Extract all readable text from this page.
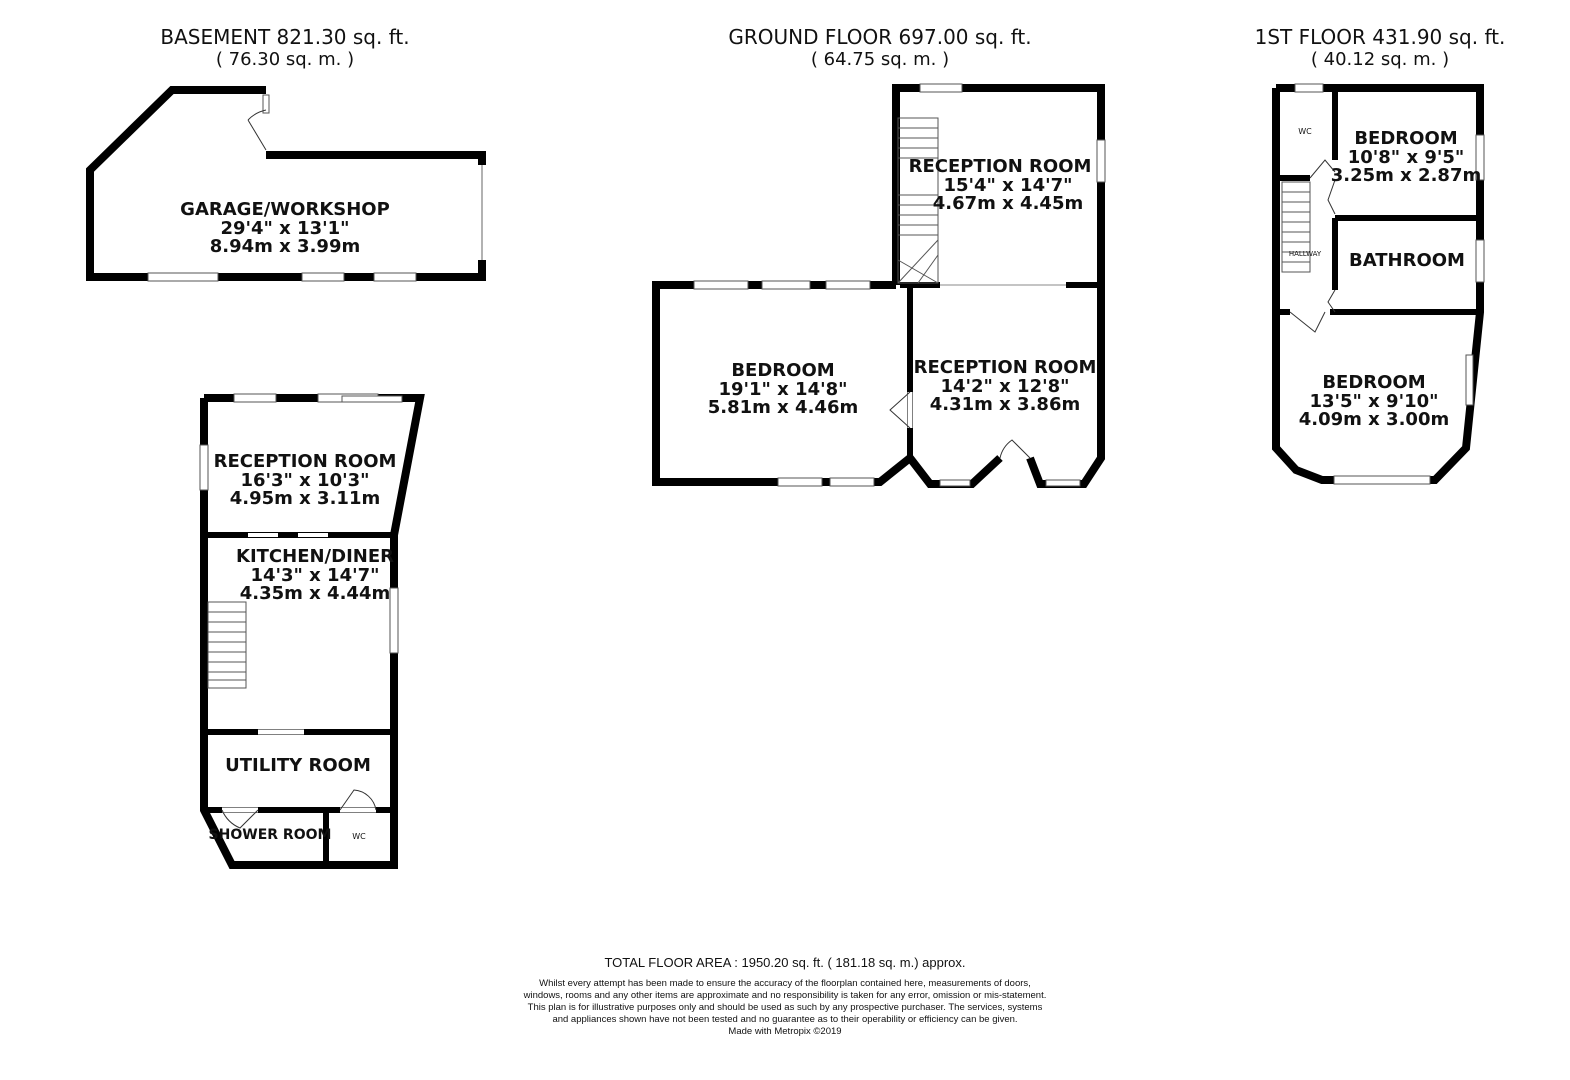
BASEMENT 821.30 sq. ft.
( 76.30 sq. m. )
GROUND FLOOR 697.00 sq. ft.
( 64.75 sq. m. )
1ST FLOOR 431.90 sq. ft.
( 40.12 sq. m. )
GARAGE/WORKSHOP
29'4" x 13'1"
8.94m x 3.99m
RECEPTION ROOM
16'3" x 10'3"
4.95m x 3.11m
KITCHEN/DINER
14'3" x 14'7"
4.35m x 4.44m
UTILITY ROOM
SHOWER ROOM	WC
RECEPTION ROOM
15'4" x 14'7"
4.67m x 4.45m
BEDROOM
19'1" x 14'8"
5.81m x 4.46m
RECEPTION ROOM
14'2" x 12'8"
4.31m x 3.86m
WC BEDROOM
10'8" x 9'5"
3.25m x 2.87m
HALLWAY BATHROOM
BEDROOM
13'5" x 9'10"
4.09m x 3.00m
TOTAL FLOOR AREA : 1950.20 sq. ft. ( 181.18 sq. m.) approx.
Whilst every attempt has been made to ensure the accuracy of the floorplan contained here, measurements of doors, windows, rooms and any other items are approximate and no responsibility is taken for any error, omission or mis-statement. This plan is for illustrative purposes only and should be used as such by any prospective purchaser. The services, systems and appliances shown have not been tested and no guarantee as to their operability or efficiency can be given.
Made with Metropix ©2019
